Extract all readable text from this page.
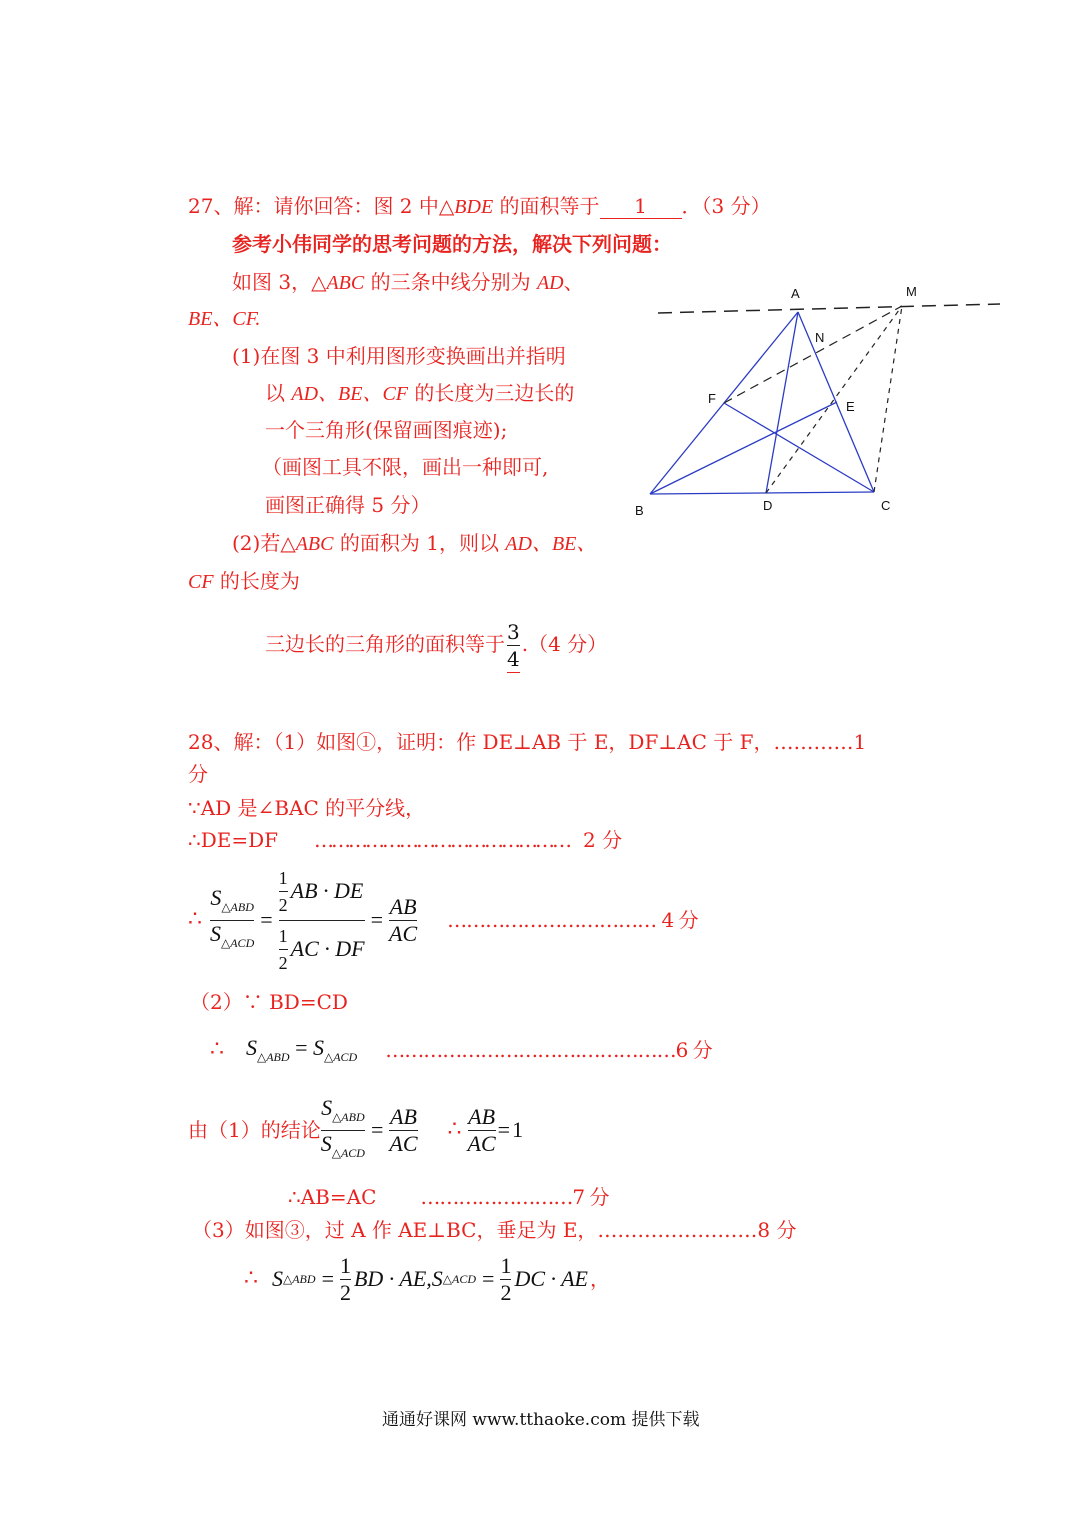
27、解：请你回答：图 2 中△BDE 的面积等于 1 ．（3 分）
参考小伟同学的思考问题的方法，解决下列问题：
如图 3，△ABC 的三条中线分别为 AD、
BE、CF.
(1)在图 3 中利用图形变换画出并指明
以 AD、BE、CF 的长度为三边长的
一个三角形(保留画图痕迹);
（画图工具不限，画出一种即可,
画图正确得 5 分）
(2)若△ABC 的面积为 1，则以 AD、BE、
CF 的长度为
三边长的三角形的面积等于 $\frac{3}{4} .(4$ 分）
A	M
N
F
E
B	D	C
28、解：（1）如图①，证明：作 DE⊥AB 于 E，DF⊥AC 于 F，…………1
分
∵AD 是∠BAC 的平分线，
∴DE=DF ……………………………………… 2 分
∴ $\frac{S_{\triangle ABD}}{S_{\triangle ACD}} = \frac{\frac{1}{2} AB \cdot DE}{\frac{1}{2} AC \cdot DF} = \frac{AB}{AC}$ …………………………… 4 分
（2）∵ BD=CD
∴ $S_{\triangle ABD} = S_{\triangle ACD}$ ………………………….……………6 分
由（1）的结论 $\frac{S_{\triangle ABD}}{S_{\triangle ACD}} = \frac{AB}{AC}$ ∴ $\frac{AB}{AC} = 1$
∴AB=AC ……………………7 分
（3）如图③，过 A 作 AE⊥BC，垂足为 E，……………………8 分
∴ S △ABD = $\frac{1}{2}$ BD · AE, S △ACD = $\frac{1}{2}$ DC · AE ，
通通好课网 www.tthaoke.com 提供下载
